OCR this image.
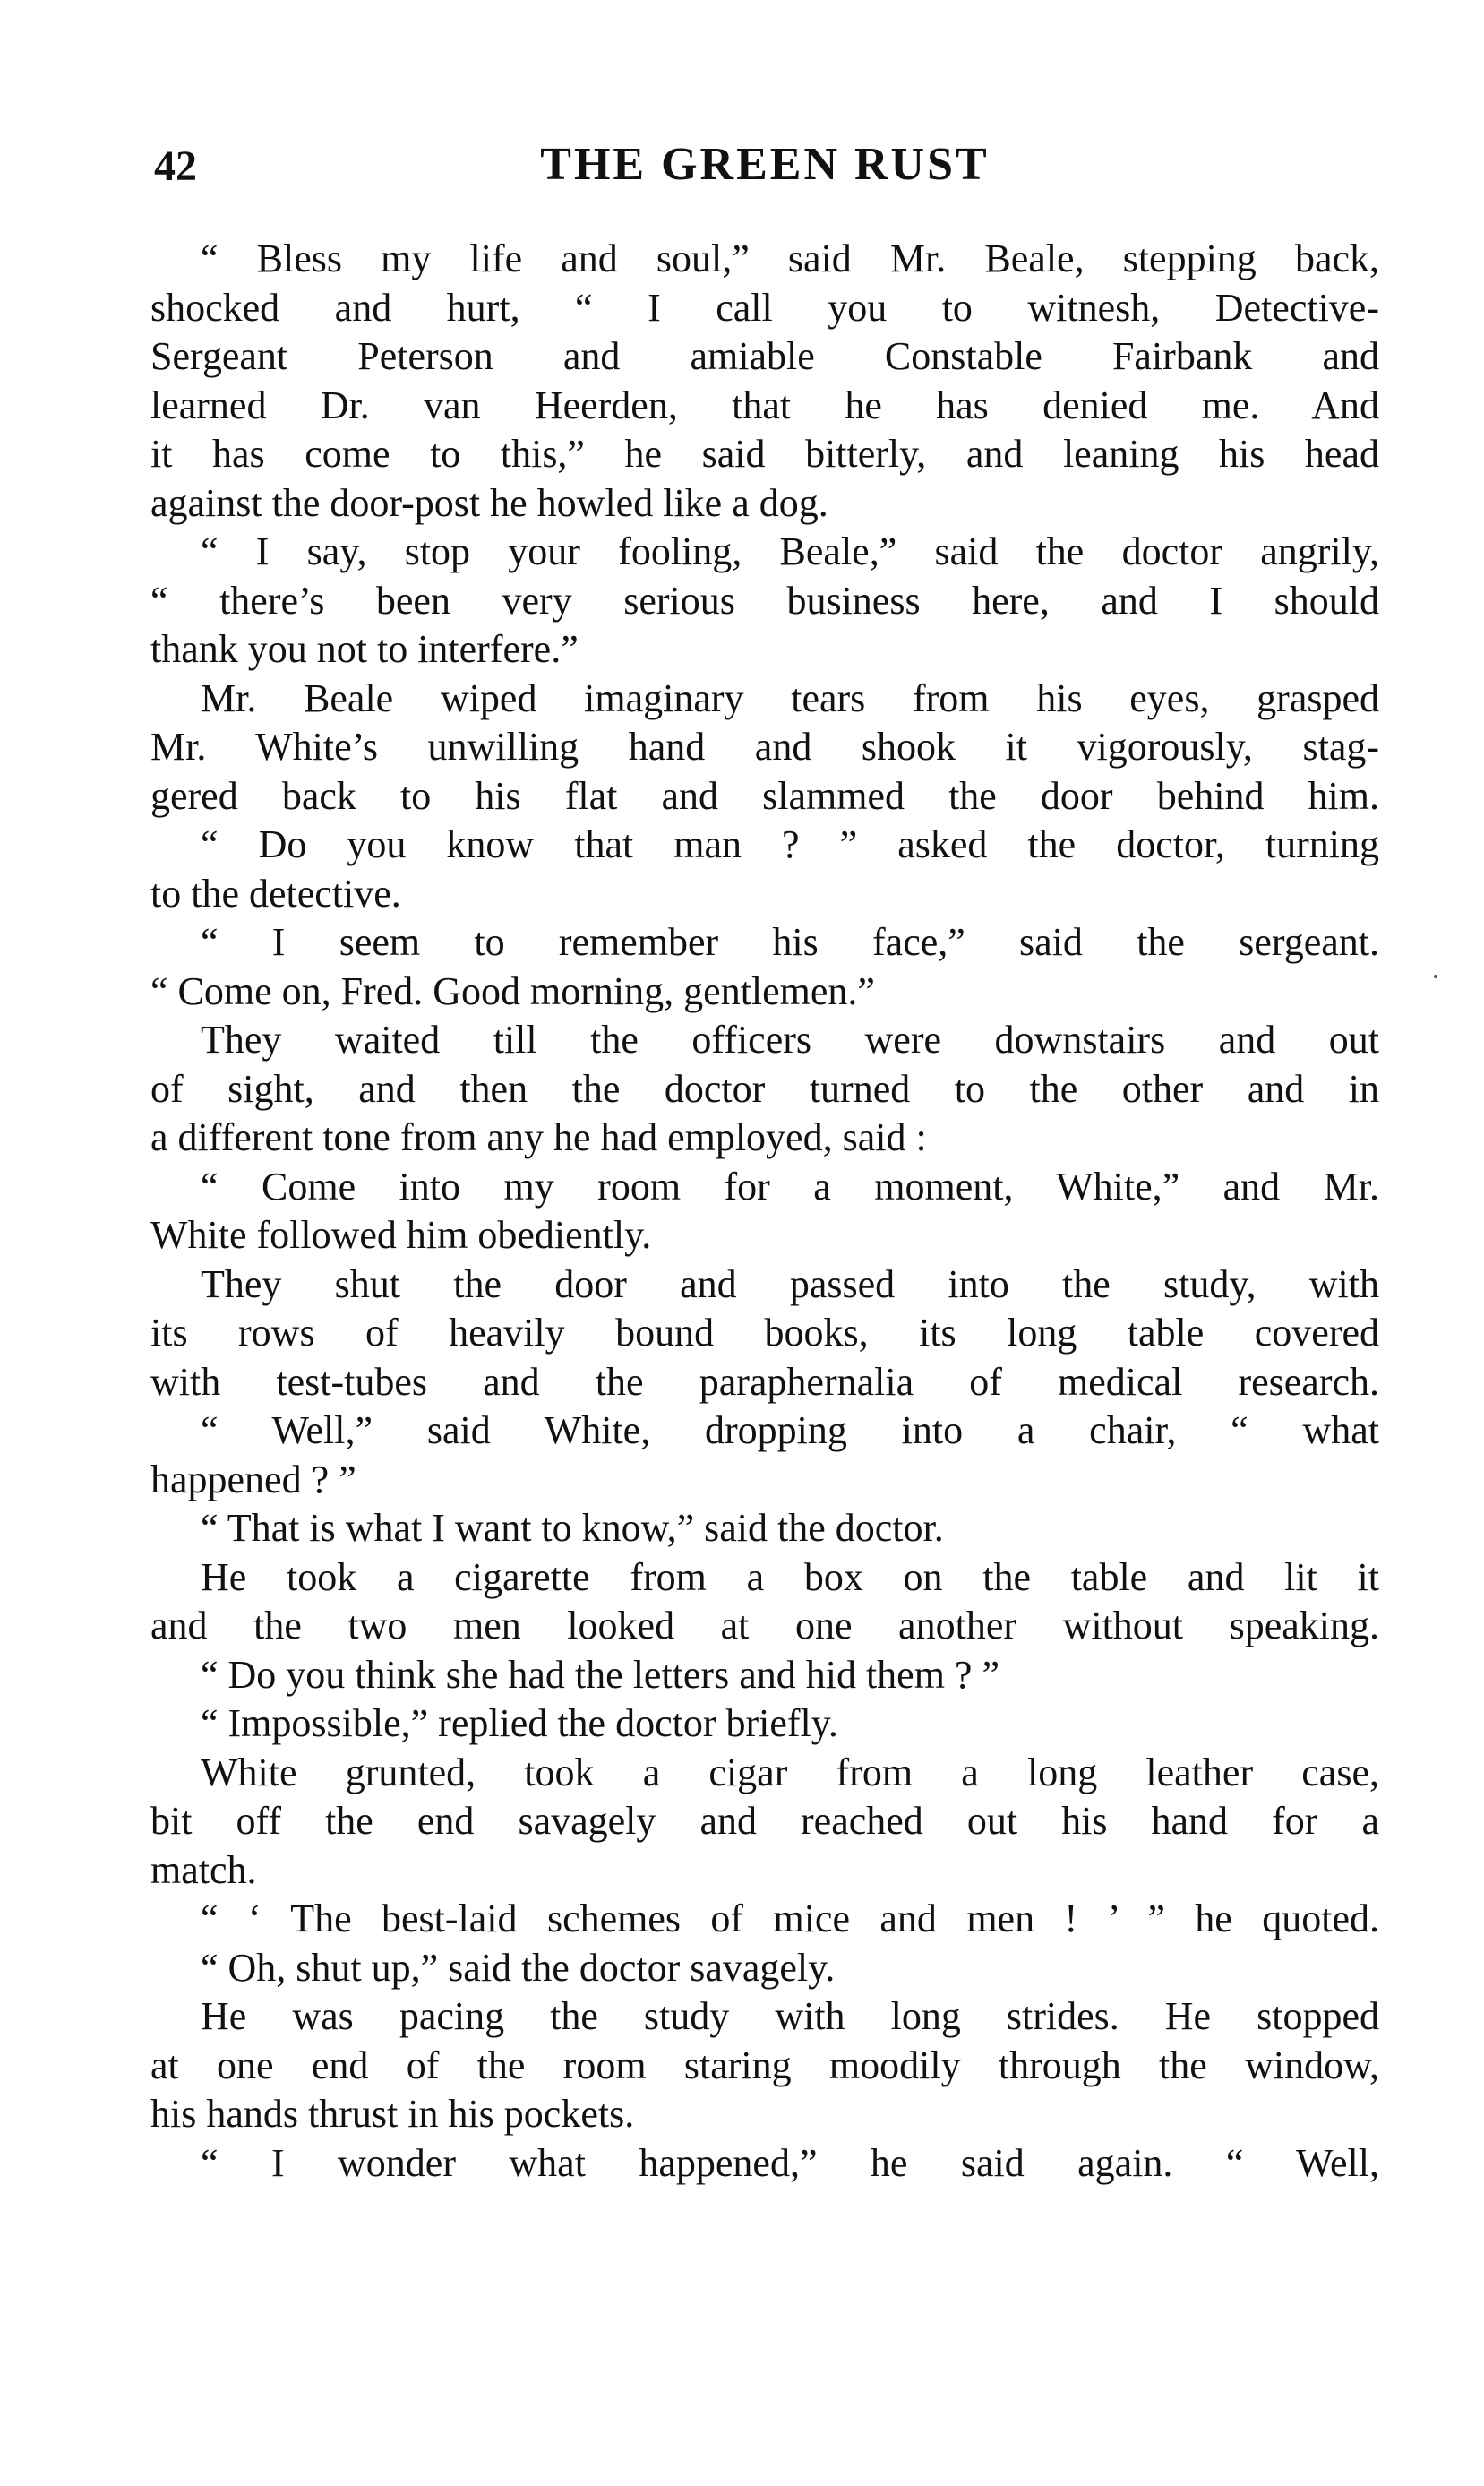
42	THE GREEN RUST
“ Bless my life and soul,” said Mr. Beale, stepping back,
shocked and hurt, “ I call you to witnesh, Detective-
Sergeant Peterson and amiable Constable Fairbank and
learned Dr. van Heerden, that he has denied me. And
it has come to this,” he said bitterly, and leaning his head
against the door-post he howled like a dog.
“ I say, stop your fooling, Beale,” said the doctor angrily,
“ there’s been very serious business here, and I should
thank you not to interfere.”
Mr. Beale wiped imaginary tears from his eyes, grasped
Mr. White’s unwilling hand and shook it vigorously, stag-
gered back to his flat and slammed the door behind him.
“ Do you know that man ? ” asked the doctor, turning
to the detective.
“ I seem to remember his face,” said the sergeant.
“ Come on, Fred. Good morning, gentlemen.”
They waited till the officers were downstairs and out
of sight, and then the doctor turned to the other and in
a different tone from any he had employed, said :
“ Come into my room for a moment, White,” and Mr.
White followed him obediently.
They shut the door and passed into the study, with
its rows of heavily bound books, its long table covered
with test-tubes and the paraphernalia of medical research.
“ Well,” said White, dropping into a chair, “ what
happened ? ”
“ That is what I want to know,” said the doctor.
He took a cigarette from a box on the table and lit it
and the two men looked at one another without speaking.
“ Do you think she had the letters and hid them ? ”
“ Impossible,” replied the doctor briefly.
White grunted, took a cigar from a long leather case,
bit off the end savagely and reached out his hand for a
match.
“ ‘ The best-laid schemes of mice and men ! ’ ” he quoted.
“ Oh, shut up,” said the doctor savagely.
He was pacing the study with long strides. He stopped
at one end of the room staring moodily through the window,
his hands thrust in his pockets.
“ I wonder what happened,” he said again. “ Well,
